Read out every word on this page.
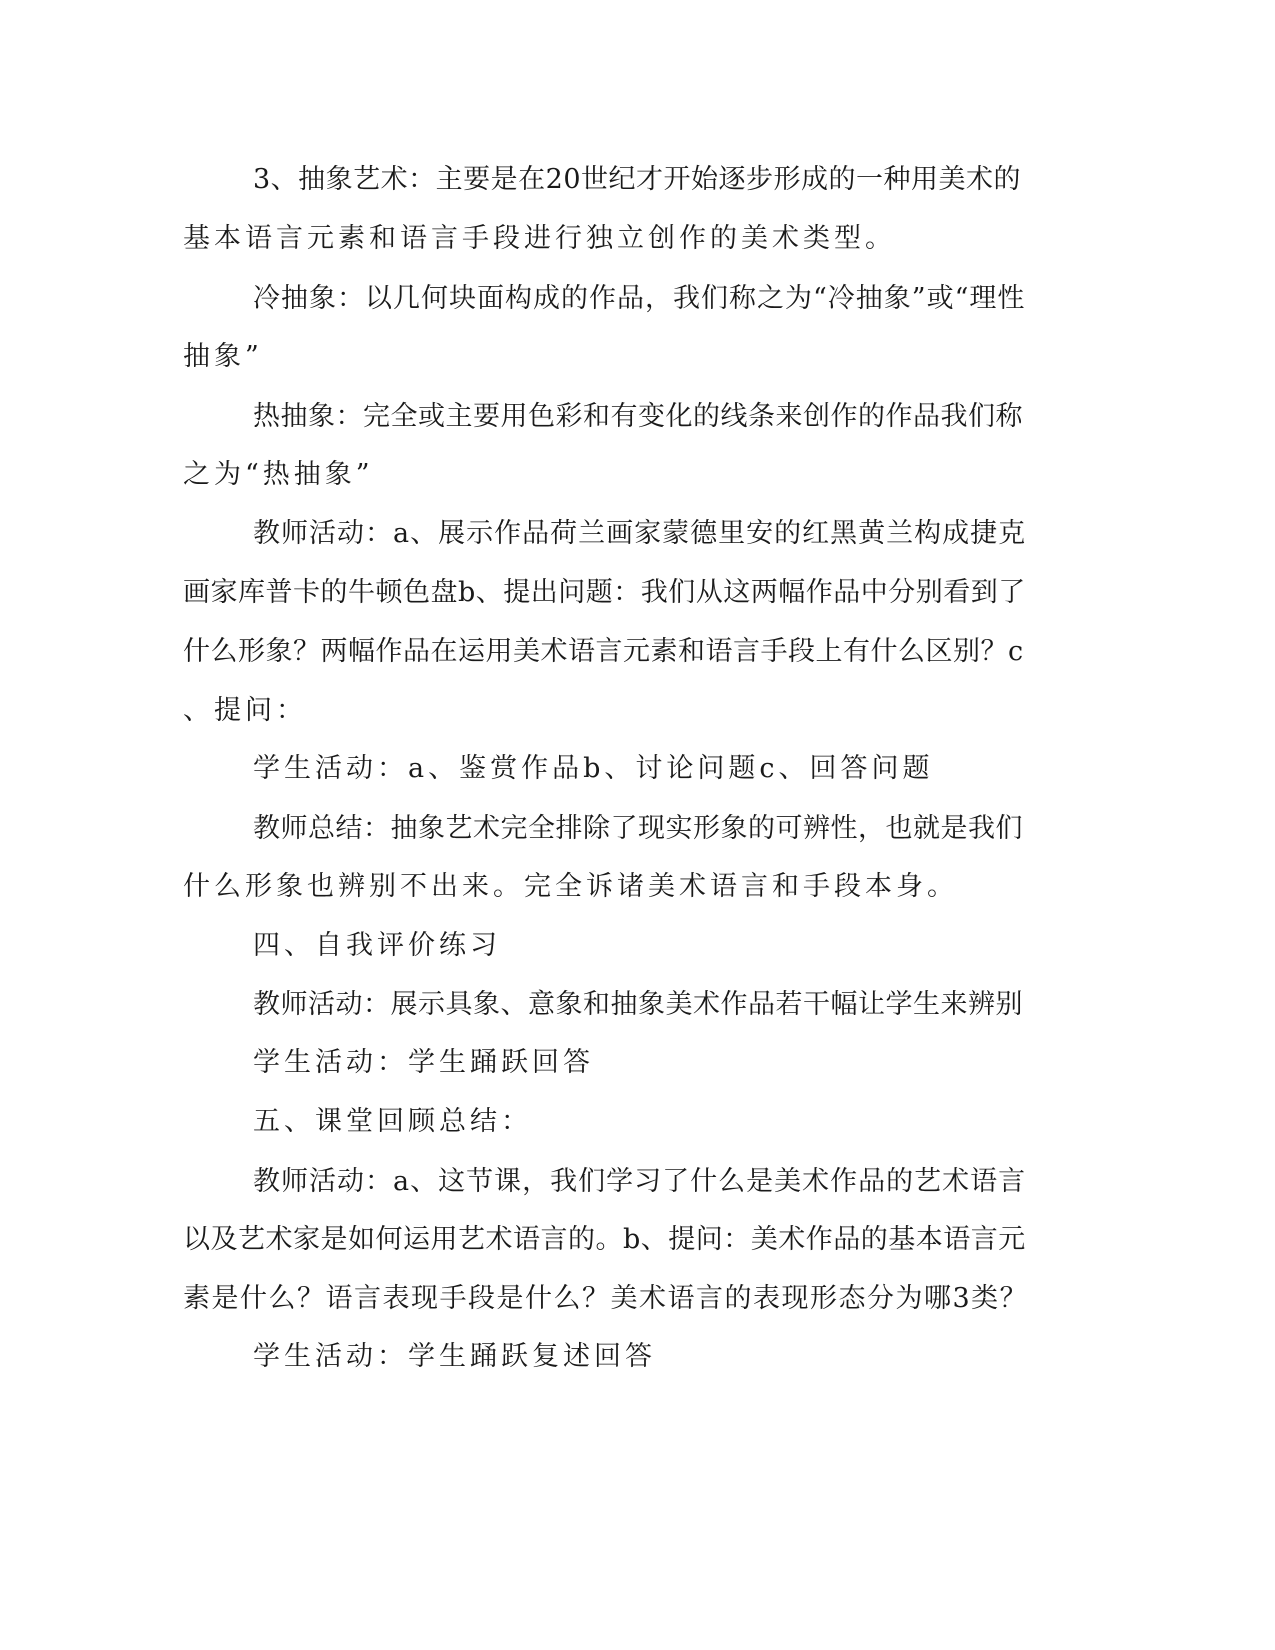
3、抽象艺术：主要是在20世纪才开始逐步形成的一种用美术的
基本语言元素和语言手段进行独立创作的美术类型。
冷抽象：以几何块面构成的作品，我们称之为“冷抽象”或“理性
抽象”
热抽象：完全或主要用色彩和有变化的线条来创作的作品我们称
之为“热抽象”
教师活动：a、展示作品荷兰画家蒙德里安的红黑黄兰构成捷克
画家库普卡的牛顿色盘b、提出问题：我们从这两幅作品中分别看到了
什么形象？两幅作品在运用美术语言元素和语言手段上有什么区别？c
、提问：
学生活动：a、鉴赏作品b、讨论问题c、回答问题
教师总结：抽象艺术完全排除了现实形象的可辨性，也就是我们
什么形象也辨别不出来。完全诉诸美术语言和手段本身。
四、自我评价练习
教师活动：展示具象、意象和抽象美术作品若干幅让学生来辨别
学生活动：学生踊跃回答
五、课堂回顾总结：
教师活动：a、这节课，我们学习了什么是美术作品的艺术语言
以及艺术家是如何运用艺术语言的。b、提问：美术作品的基本语言元
素是什么？语言表现手段是什么？美术语言的表现形态分为哪3类？
学生活动：学生踊跃复述回答
